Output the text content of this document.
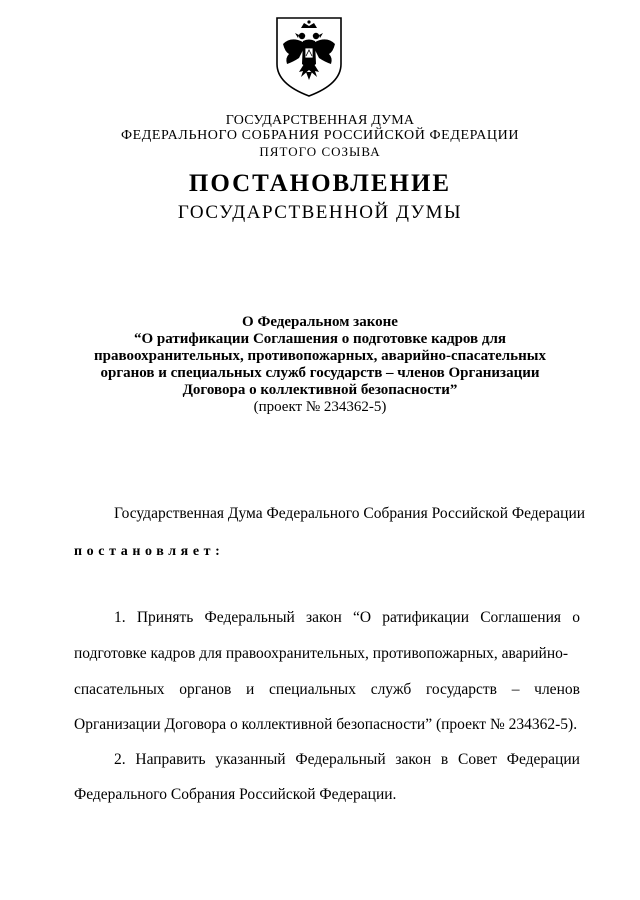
ГОСУДАРСТВЕННАЯ ДУМА
ФЕДЕРАЛЬНОГО СОБРАНИЯ РОССИЙСКОЙ ФЕДЕРАЦИИ
ПЯТОГО СОЗЫВА
ПОСТАНОВЛЕНИЕ
ГОСУДАРСТВЕННОЙ ДУМЫ
О Федеральном законе
“О ратификации Соглашения о подготовке кадров для
правоохранительных, противопожарных, аварийно-спасательных
органов и специальных служб государств – членов Организации
Договора о коллективной безопасности”
(проект № 234362-5)
Государственная Дума Федерального Собрания Российской Федерации
постановляет:
1. Принять Федеральный закон “О ратификации Соглашения о
подготовке кадров для правоохранительных, противопожарных, аварийно-
спасательных органов и специальных служб государств – членов
Организации Договора о коллективной безопасности” (проект № 234362-5).
2. Направить указанный Федеральный закон в Совет Федерации
Федерального Собрания Российской Федерации.
